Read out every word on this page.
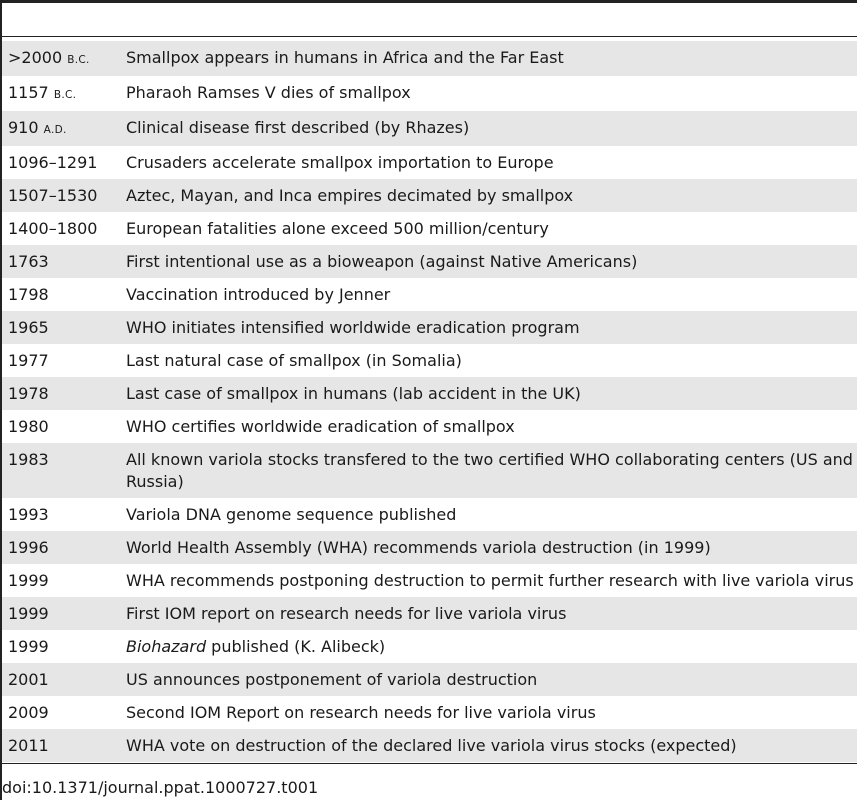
>2000 B.C.	Smallpox appears in humans in Africa and the Far East
1157 B.C.	Pharaoh Ramses V dies of smallpox
910 A.D.	Clinical disease first described (by Rhazes)
1096–1291	Crusaders accelerate smallpox importation to Europe
1507–1530	Aztec, Mayan, and Inca empires decimated by smallpox
1400–1800	European fatalities alone exceed 500 million/century
1763	First intentional use as a bioweapon (against Native Americans)
1798	Vaccination introduced by Jenner
1965	WHO initiates intensified worldwide eradication program
1977	Last natural case of smallpox (in Somalia)
1978	Last case of smallpox in humans (lab accident in the UK)
1980	WHO certifies worldwide eradication of smallpox
1983	All known variola stocks transfered to the two certified WHO collaborating centers (US and Russia)
1993	Variola DNA genome sequence published
1996	World Health Assembly (WHA) recommends variola destruction (in 1999)
1999	WHA recommends postponing destruction to permit further research with live variola virus
1999	First IOM report on research needs for live variola virus
1999	Biohazard published (K. Alibeck)
2001	US announces postponement of variola destruction
2009	Second IOM Report on research needs for live variola virus
2011	WHA vote on destruction of the declared live variola virus stocks (expected)
doi:10.1371/journal.ppat.1000727.t001
